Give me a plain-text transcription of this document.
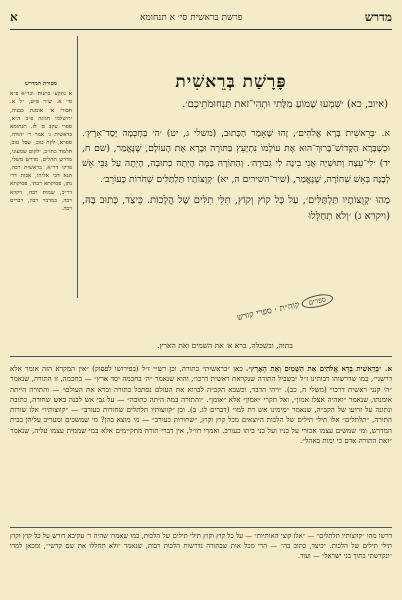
מדרש
פרשת בראשית סי׳ א תנחומא
א
מסורת המדרש
א נתקע׳ בתנות׳ ובר״א פ״א סי׳ א. ש״ר פ״ט, ״ל א. חבורי א׳ אומנה בבניה, ירושלמי חגיגה פ״ב ה״א, ספרי עקב פ׳ לז. תנחומא בראשית ג׳ אמר ר׳ יהודה, ספרא, לקח טוב, שכל טוב, תלמוד כתו״ב, ילקוט שמעוני, מדרש תהלים, מדרש משלי, פרקי דר״א, בראשית רבה, תנא דבי אליהו, אבות דר׳ נתן, פסיקתא רבתי, פסיקתא דר״כ, שמות רבה, ויקרא רבה, במדבר רבה, דברים רבה.
פָּרָשַׁת בְּרֵאשִׁית
(איוב, כא) ׳שִׁמְעוּ שָׁמוֹעַ מִלָּתִי וּתְהִי־זֹאת תַּנְחוּמֹתֵיכֶם׳.

א. ׳בְּרֵאשִׁית בָּרָא אֱלֹהִים׳, זֶהוּ שֶׁאָמַר הַכָּתוּב, (משלי ג, יט) ׳ה׳ בְּחָכְמָה יָסַד־אָרֶץ׳. וּכְשֶׁבָּרָא הַקָּדוֹשׁ־בָּרוּךְ־הוּא אֶת עוֹלָמוֹ נִתְיָעֵץ בַּתּוֹרָה וּבָרָא אֶת הָעוֹלָם, שֶׁנֶּאֱמַר, (שם ח, יד) ׳לִי־עֵצָה וְתוּשִׁיָּה אֲנִי בִינָה לִי גְבוּרָה׳. וְהַתּוֹרָה בַּמֶּה הָיְתָה כְתוּבָה, הָיְתָה עַל גַּבֵּי אֵשׁ לְבָנָה בְּאֵשׁ שְׁחוֹרָה, שֶׁנֶּאֱמַר, (שיר־השירים ה, יא) ׳קְוֻצּוֹתָיו תַּלְתַּלִּים שְׁחֹרוֹת כָּעוֹרֵב׳.

מַהוּ ׳קְוֻצּוֹתָיו תַּלְתַּלִּים׳, עַל כָּל קוֹץ וְקוֹץ, תִּלֵּי תִלִּים שֶׁל הֲלָכוֹת. כֵּיצַד, כָּתוּב בָּהּ, (ויקרא ג) ׳וְלֹא תְחַלְּלוּ

ספרים קוה״ת · ספרי קודש
בתוה, ובשכלה, ברא א׳ את השמים ואת הארץ.
א. ״בְּרֵאשִׁית בָּרָא אֱלֹהִים אֵת הַשָּׁמַיִם וְאֵת הָאָרֶץ״. כאן ״בראשית״ בתורה, וכן רש״י ז״ל (בפירושו לפסוק) ״אין המקרא הזה אומר אלא דרשני״, כמו שדרשוהו רבותינו ז״ל ״בשביל התורה שנקראת ראשית דרכו״, והוא שנאמר ״ה׳ בחכמה יסד ארץ״ — בחכמה, זו התורה, שנאמר ״ה׳ קנני ראשית דרכו״ (משלי ח, כב). ״ויהי הדבר, וכשבא הקב״ה לברוא את העולם נסתכל בתורה וברא את העולם״ — והתורה הייתה אומנתו, שנאמר ״ואהיה אצלו אמון״, ואל תקרי ״אמון״ אלא ״אומן״. ״והתורה במה היתה כתובה״ — על גבי אש לבנה באש שחורה, כתובה ונתונה על זרועו של הקב״ה, שנאמר ״מימינו אש דת למו״ (דברים לג, ב). וכן ״קווצותיו תלתלים שחורות כעורב״ — ״קווצותיו״ אלו שורות התורה, ״תלתלים״ אלו תילי תילים של הלכות היוצאים מכל קוץ וקוץ, ״שחורות כעורב״ — מי מוצא בהן? מי שמשכים ומעריב עליהן בבית המדרש, ומי שמשים עצמו אכזרי על בניו ועל בני ביתו כעורב. ואמרו חז״ל, אין דברי תורה מתקיימים אלא במי שממית עצמו עליה, שנאמר ״זאת התורה אדם כי ימות באהל״.
דרשו מהו ״קווצותיו תלתלים״ — ״אלו קוצי האותיות״ — על כל קוץ וקוץ תילי תילים של הלכות, כמו שאמרו שהיה ר׳ עקיבא דורש על כל קוץ וקוץ תילי תילים של הלכות. ״כיצד, כתוב בה״ — הרי מכל אות שבתורה נדרשות הלכות רבות, שנאמר ״ולא תחללו את שם קדשי״, ומכאן למדו ״ונקדשתי בתוך בני ישראל״ — ועוד.
